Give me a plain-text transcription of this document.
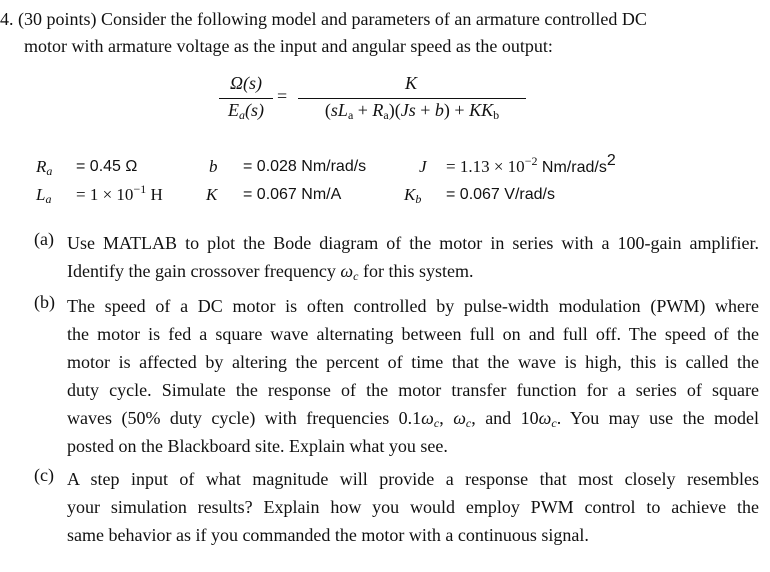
4. (30 points) Consider the following model and parameters of an armature controlled DC
motor with armature voltage as the input and angular speed as the output:
Ω(s)
$E_a(s)$
=
K
$(sL_a + R_a)(Js + b) + KK_b$
$R_a = 0.45$ Ω	b = 0.028 Nm/rad/s	$J = 1.13 \times 10^{-2}$ $Nm/rad/s^2$
$L_a = 1 \times 10^{-1}$ H	K = 0.067 Nm/A	$K_b = 0.067$ V/rad/s
(a) Use MATLAB to plot the Bode diagram of the motor in series with a 100-gain amplifier.
Identify the gain crossover frequency $\omega_c$ for this system.
(b) The speed of a DC motor is often controlled by pulse-width modulation (PWM) where
the motor is fed a square wave alternating between full on and full off. The speed of the
motor is affected by altering the percent of time that the wave is high, this is called the
duty cycle. Simulate the response of the motor transfer function for a series of square
waves (50% duty cycle) with frequencies $0.1\omega_c$, $\omega_c$, and $10\omega_c$. You may use the model
posted on the Blackboard site. Explain what you see.
(c) A step input of what magnitude will provide a response that most closely resembles
your simulation results? Explain how you would employ PWM control to achieve the
same behavior as if you commanded the motor with a continuous signal.
